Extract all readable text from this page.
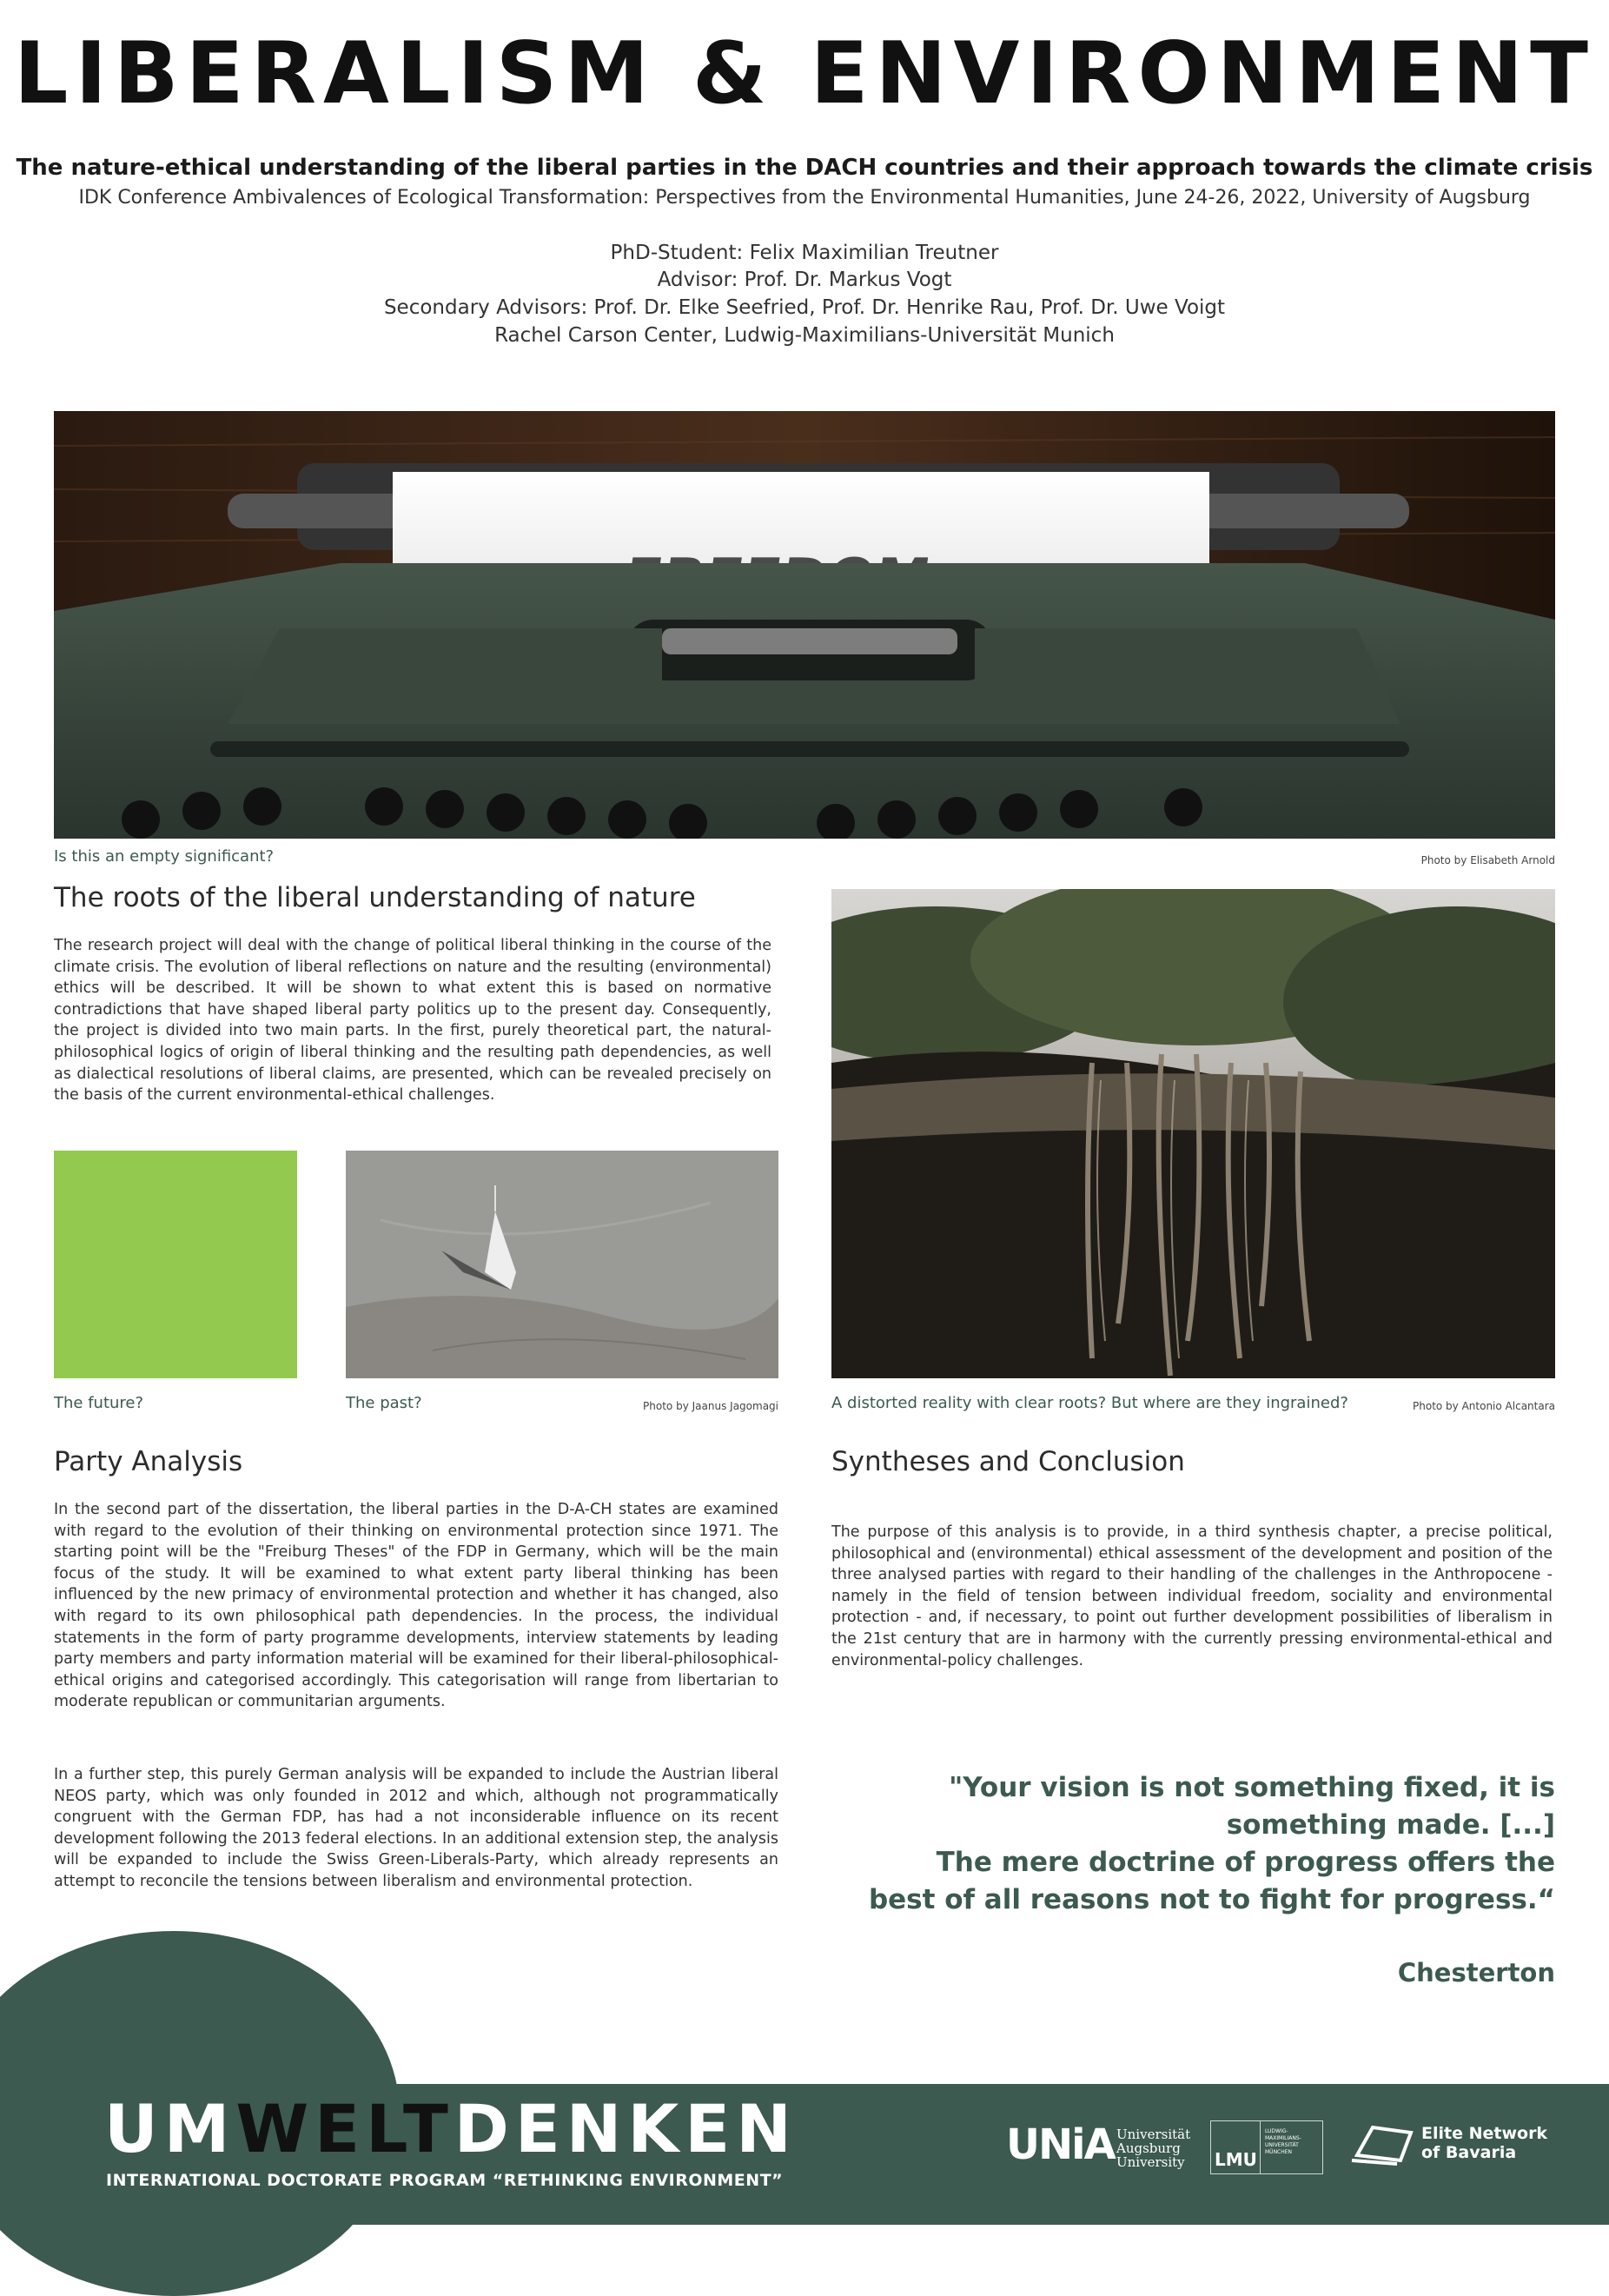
LIBERALISM & ENVIRONMENT
The nature-ethical understanding of the liberal parties in the DACH countries and their approach towards the climate crisis
IDK Conference Ambivalences of Ecological Transformation: Perspectives from the Environmental Humanities, June 24-26, 2022, University of Augsburg
PhD-Student: Felix Maximilian Treutner
Advisor: Prof. Dr. Markus Vogt
Secondary Advisors: Prof. Dr. Elke Seefried, Prof. Dr. Henrike Rau, Prof. Dr. Uwe Voigt
Rachel Carson Center, Ludwig-Maximilians-Universität Munich
Is this an empty significant?	Photo by Elisabeth Arnold
The roots of the liberal understanding of nature
The research project will deal with the change of political liberal thinking in the course of the climate crisis. The evolution of liberal reflections on nature and the resulting (environmental) ethics will be described. It will be shown to what extent this is based on normative contradictions that have shaped liberal party politics up to the present day. Consequently, the project is divided into two main parts. In the first, purely theoretical part, the natural-philosophical logics of origin of liberal thinking and the resulting path dependencies, as well as dialectical resolutions of liberal claims, are presented, which can be revealed precisely on the basis of the current environmental-ethical challenges.
The future?	The past?	Photo by Jaanus Jagomagi	A distorted reality with clear roots? But where are they ingrained?	Photo by Antonio Alcantara
Party Analysis
In the second part of the dissertation, the liberal parties in the D-A-CH states are examined with regard to the evolution of their thinking on environmental protection since 1971. The starting point will be the "Freiburg Theses" of the FDP in Germany, which will be the main focus of the study. It will be examined to what extent party liberal thinking has been influenced by the new primacy of environmental protection and whether it has changed, also with regard to its own philosophical path dependencies. In the process, the individual statements in the form of party programme developments, interview statements by leading party members and party information material will be examined for their liberal-philosophical-ethical origins and categorised accordingly. This categorisation will range from libertarian to moderate republican or communitarian arguments.
In a further step, this purely German analysis will be expanded to include the Austrian liberal NEOS party, which was only founded in 2012 and which, although not programmatically congruent with the German FDP, has had a not inconsiderable influence on its recent development following the 2013 federal elections. In an additional extension step, the analysis will be expanded to include the Swiss Green-Liberals-Party, which already represents an attempt to reconcile the tensions between liberalism and environmental protection.
Syntheses and Conclusion
The purpose of this analysis is to provide, in a third synthesis chapter, a precise political, philosophical and (environmental) ethical assessment of the development and position of the three analysed parties with regard to their handling of the challenges in the Anthropocene - namely in the field of tension between individual freedom, sociality and environmental protection - and, if necessary, to point out further development possibilities of liberalism in the 21st century that are in harmony with the currently pressing environmental-ethical and environmental-policy challenges.
"Your vision is not something fixed, it is
something made. [...]
The mere doctrine of progress offers the
best of all reasons not to fight for progress.“
Chesterton
UMWELTDENKEN
INTERNATIONAL DOCTORATE PROGRAM “RETHINKING ENVIRONMENT”
UNiA Universität
Augsburg
University	LMU
LUDWIG-
MAXIMILIANS-
UNIVERSITÄT
MÜNCHEN
Elite Network
of Bavaria
